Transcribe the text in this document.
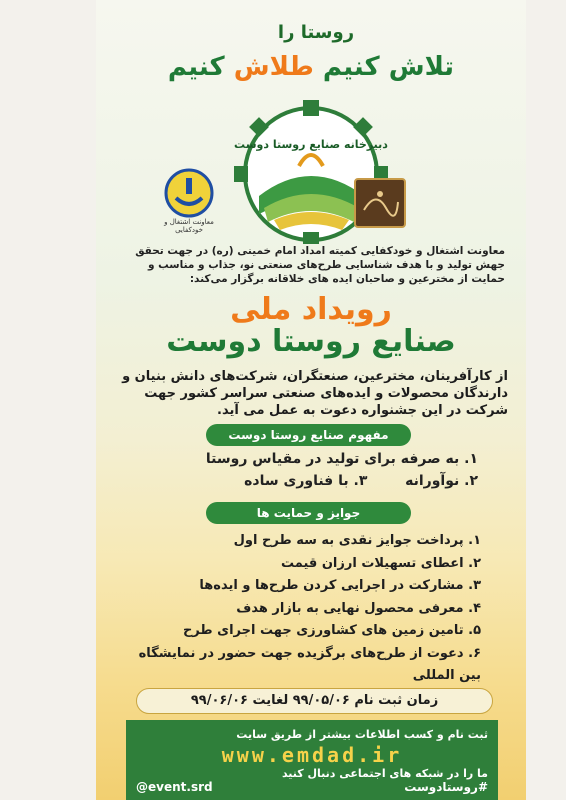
روستا را
تلاش کنیم طلاش کنیم
دبیرخانه صنایع روستا دوست
معاونت اشتغال و خودکفایی
معاونت اشتغال و خودکفایی کمیته امداد امام خمینی (ره) در جهت تحقق جهش تولید و با هدف شناسایی طرح‌های صنعتی نو، جذاب و مناسب و حمایت از مخترعین و صاحبان ایده های خلاقانه برگزار می‌کند:
رویداد ملی
صنایع روستا دوست
از کارآفرینان، مخترعین، صنعتگران، شرکت‌های دانش بنیان و دارندگان محصولات و ایده‌های صنعتی سراسر کشور جهت شرکت در این جشنواره دعوت به عمل می آید.
مفهوم صنایع روستا دوست
۱. به صرفه برای تولید در مقیاس روستا
۲. نوآورانه  ۳. با فناوری ساده
جوایز و حمایت ها
۱. پرداخت جوایز نقدی به سه طرح اول
۲. اعطای تسهیلات ارزان قیمت
۳. مشارکت در اجرایی کردن طرح‌ها و ایده‌ها
۴. معرفی محصول نهایی به بازار هدف
۵. تامین زمین های کشاورزی جهت اجرای طرح
۶. دعوت از طرح‌های برگزیده جهت حضور در نمایشگاه بین المللی
زمان ثبت نام ۹۹/۰۵/۰۶ لغایت ۹۹/۰۶/۰۶
ثبت نام و کسب اطلاعات بیشتر از طریق سایت
www.emdad.ir
ما را در شبکه های اجتماعی دنبال کنید
@event.srd	#روستادوست
